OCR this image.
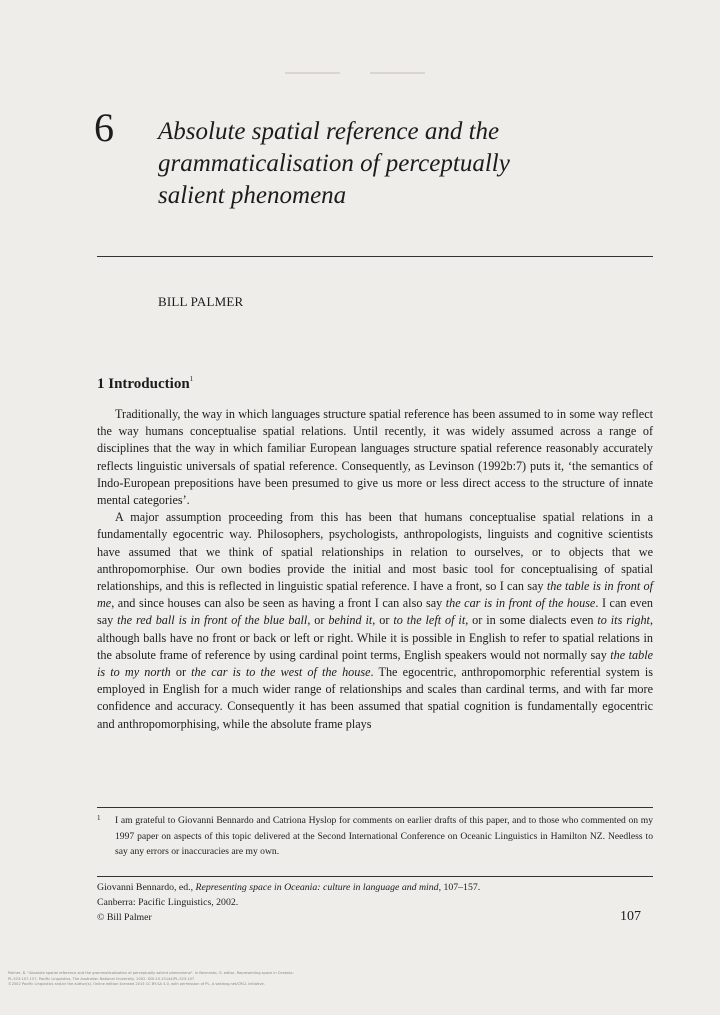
6 Absolute spatial reference and the
grammaticalisation of perceptually
salient phenomena
BILL PALMER
1 Introduction$^1$

Traditionally, the way in which languages structure spatial reference has been assumed to in some way reflect the way humans conceptualise spatial relations. Until recently, it was widely assumed across a range of disciplines that the way in which familiar European languages structure spatial reference reasonably accurately reflects linguistic universals of spatial reference. Consequently, as Levinson (1992b:7) puts it, ‘the semantics of Indo-European prepositions have been presumed to give us more or less direct access to the structure of innate mental categories’.

A major assumption proceeding from this has been that humans conceptualise spatial relations in a fundamentally egocentric way. Philosophers, psychologists, anthropologists, linguists and cognitive scientists have assumed that we think of spatial relationships in relation to ourselves, or to objects that we anthropomorphise. Our own bodies provide the initial and most basic tool for conceptualising of spatial relationships, and this is reflected in linguistic spatial reference. I have a front, so I can say the table is in front of me, and since houses can also be seen as having a front I can also say the car is in front of the house. I can even say the red ball is in front of the blue ball, or behind it, or to the left of it, or in some dialects even to its right, although balls have no front or back or left or right. While it is possible in English to refer to spatial relations in the absolute frame of reference by using cardinal point terms, English speakers would not normally say the table is to my north or the car is to the west of the house. The egocentric, anthropomorphic referential system is employed in English for a much wider range of relationships and scales than cardinal terms, and with far more confidence and accuracy. Consequently it has been assumed that spatial cognition is fundamentally egocentric and anthropomorphising, while the absolute frame plays

1 I am grateful to Giovanni Bennardo and Catriona Hyslop for comments on earlier drafts of this paper, and to those who commented on my 1997 paper on aspects of this topic delivered at the Second International Conference on Oceanic Linguistics in Hamilton NZ. Needless to say any errors or inaccuracies are my own.
Giovanni Bennardo, ed., Representing space in Oceania: culture in language and mind, 107–157.
Canberra: Pacific Linguistics, 2002.
© Bill Palmer	107
Palmer, B. "Absolute spatial reference and the grammaticalisation of perceptually salient phenomena". In Bennardo, G. editor, Representing space in Oceania:
PL-523:107-157. Pacific Linguistics, The Australian National University, 2002. DOI:10.15144/PL-523.107
©2002 Pacific Linguistics and/or the author(s). Online edition licensed 2015 CC BY-SA 4.0, with permission of PL. A sealang.net/CRCL initiative.
